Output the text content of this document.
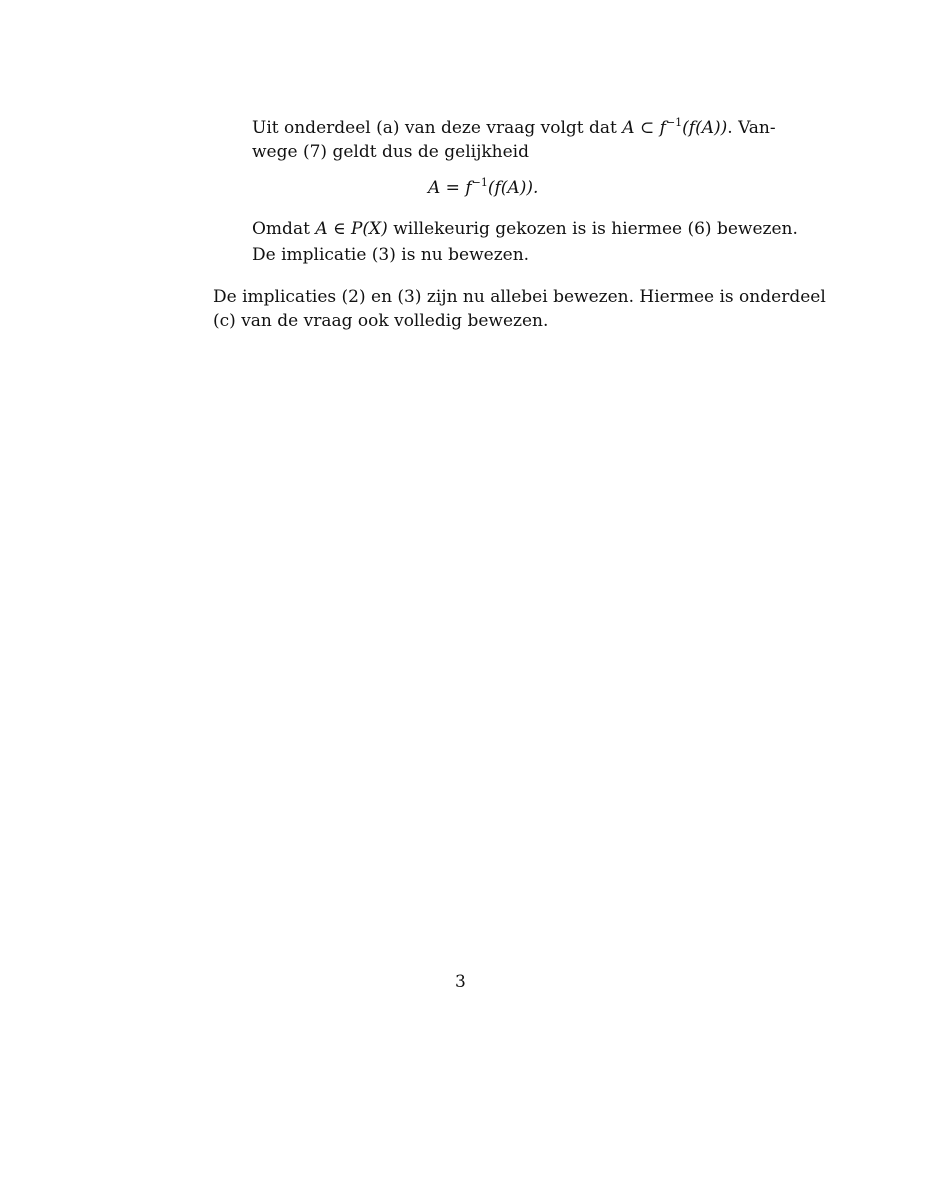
Uit onderdeel (a) van deze vraag volgt dat A ⊂ $f^{-1}(f(A))$. Van-
wege (7) geldt dus de gelijkheid
$A = f^{-1}(f(A))$.
Omdat A ∈ P(X) willekeurig gekozen is is hiermee (6) bewezen.
De implicatie (3) is nu bewezen.
De implicaties (2) en (3) zijn nu allebei bewezen. Hiermee is onderdeel
(c) van de vraag ook volledig bewezen.
3
